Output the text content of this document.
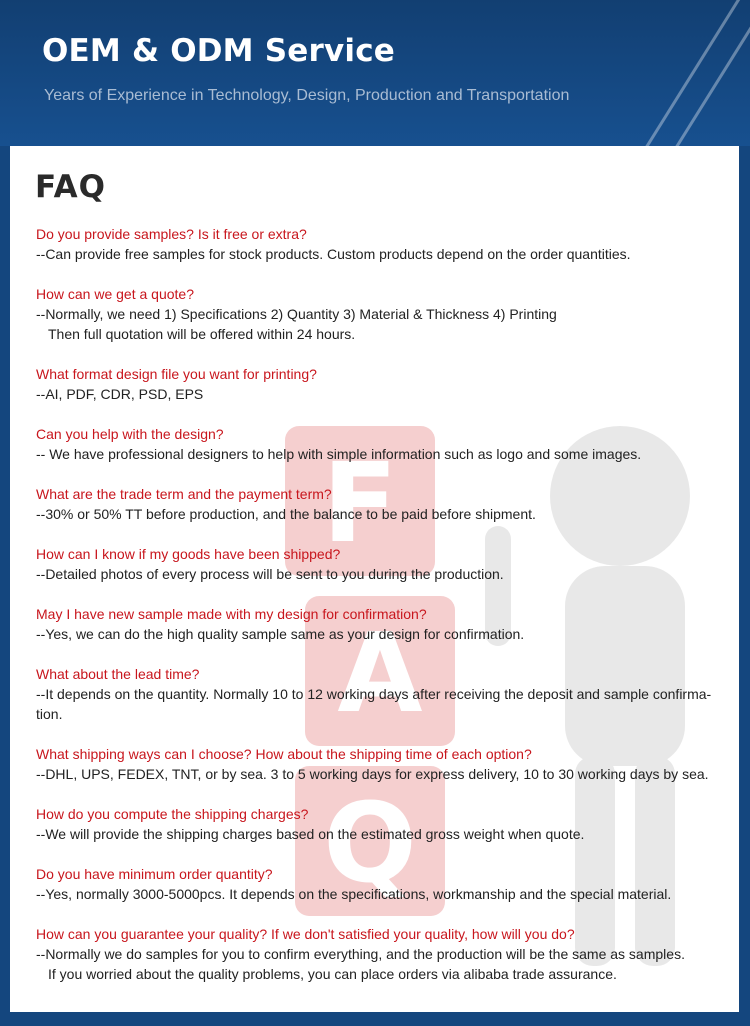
OEM & ODM Service

Years of Experience in Technology, Design, Production and Transportation

F
A
Q
FAQ
Do you provide samples? Is it free or extra?
--Can provide free samples for stock products. Custom products depend on the order quantities.
How can we get a quote?
--Normally, we need 1) Specifications 2) Quantity 3) Material & Thickness 4) Printing
Then full quotation will be offered within 24 hours.
What format design file you want for printing?
--AI, PDF, CDR, PSD, EPS
Can you help with the design?
-- We have professional designers to help with simple information such as logo and some images.
What are the trade term and the payment term?
--30% or 50% TT before production, and the balance to be paid before shipment.
How can I know if my goods have been shipped?
--Detailed photos of every process will be sent to you during the production.
May I have new sample made with my design for confirmation?
--Yes, we can do the high quality sample same as your design for confirmation.
What about the lead time?
--It depends on the quantity. Normally 10 to 12 working days after receiving the deposit and sample confirma-
tion.
What shipping ways can I choose? How about the shipping time of each option?
--DHL, UPS, FEDEX, TNT, or by sea. 3 to 5 working days for express delivery, 10 to 30 working days by sea.
How do you compute the shipping charges?
--We will provide the shipping charges based on the estimated gross weight when quote.
Do you have minimum order quantity?
--Yes, normally 3000-5000pcs. It depends on the specifications, workmanship and the special material.
How can you guarantee your quality? If we don't satisfied your quality, how will you do?
--Normally we do samples for you to confirm everything, and the production will be the same as samples.
If you worried about the quality problems, you can place orders via alibaba trade assurance.
